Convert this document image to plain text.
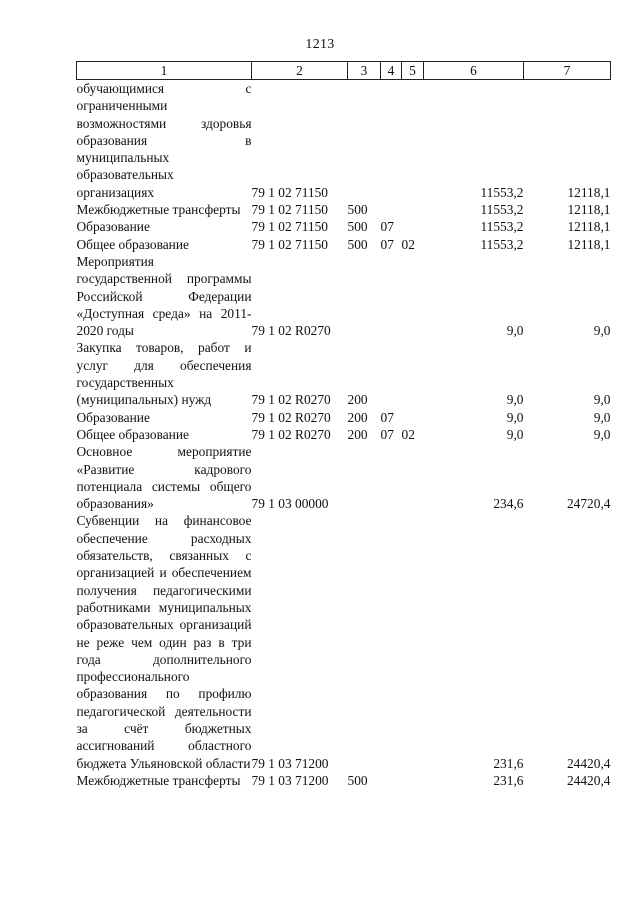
1213
1	2	3	4	5	6	7
обучающимися с ограниченными возможностями здоровья образования в муниципальных образовательных организациях	79 1 02 71150				11553,2	12118,1
Межбюджетные трансферты	79 1 02 71150	500			11553,2	12118,1
Образование	79 1 02 71150	500	07		11553,2	12118,1
Общее образование	79 1 02 71150	500	07	02	11553,2	12118,1
Мероприятия государственной программы Российской Федерации «Доступная среда» на 2011-2020 годы	79 1 02 R0270				9,0	9,0
Закупка товаров, работ и услуг для обеспечения государственных (муниципальных) нужд	79 1 02 R0270	200			9,0	9,0
Образование	79 1 02 R0270	200	07		9,0	9,0
Общее образование	79 1 02 R0270	200	07	02	9,0	9,0
Основное мероприятие «Развитие кадрового потенциала системы общего образования»	79 1 03 00000				234,6	24720,4
Субвенции на финансовое обеспечение расходных обязательств, связанных с организацией и обеспечением получения педагогическими работниками муниципальных образовательных организаций не реже чем один раз в три года дополнительного профессионального образования по профилю педагогической деятельности за счёт бюджетных ассигнований областного бюджета Ульяновской области	79 1 03 71200				231,6	24420,4
Межбюджетные трансферты	79 1 03 71200	500			231,6	24420,4
